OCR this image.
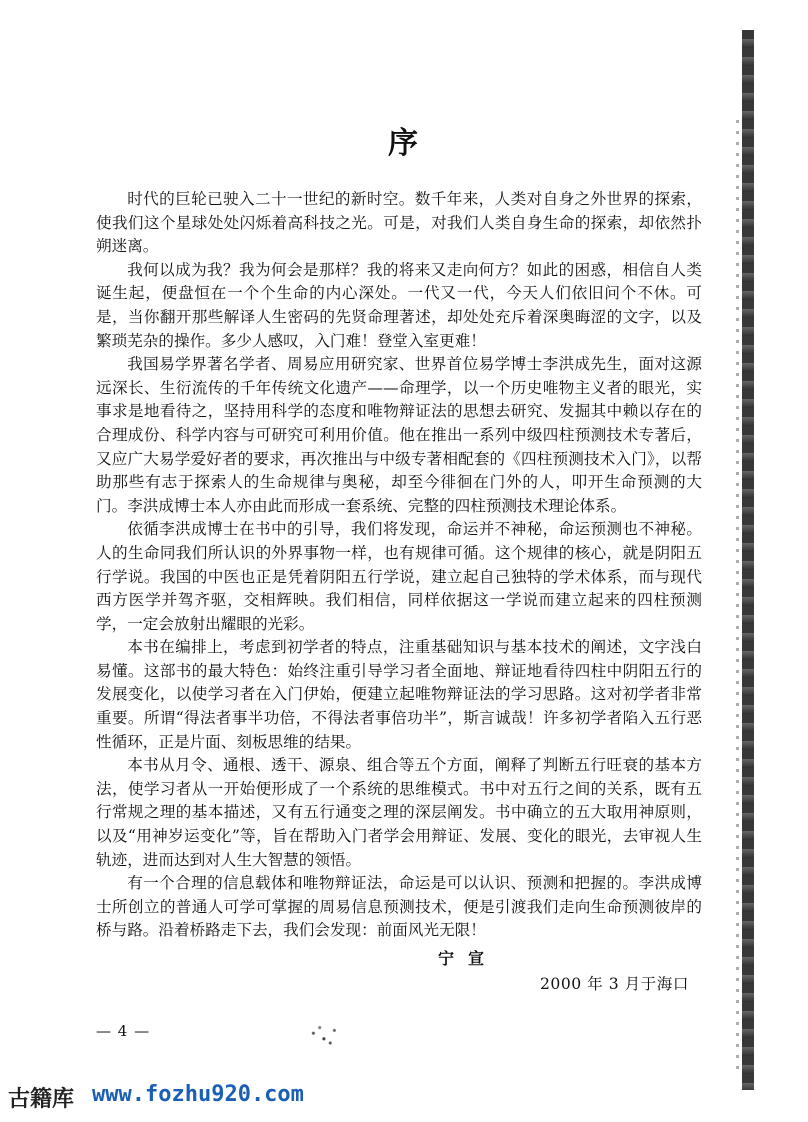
序

时代的巨轮已驶入二十一世纪的新时空。数千年来，人类对自身之外世界的探索，使我们这个星球处处闪烁着高科技之光。可是，对我们人类自身生命的探索，却依然扑朔迷离。

我何以成为我？我为何会是那样？我的将来又走向何方？如此的困惑，相信自人类诞生起，便盘恒在一个个生命的内心深处。一代又一代，今天人们依旧问个不休。可是，当你翻开那些解译人生密码的先贤命理著述，却处处充斥着深奥晦涩的文字，以及繁琐芜杂的操作。多少人感叹，入门难！登堂入室更难！

我国易学界著名学者、周易应用研究家、世界首位易学博士李洪成先生，面对这源远深长、生衍流传的千年传统文化遗产——命理学，以一个历史唯物主义者的眼光，实事求是地看待之，坚持用科学的态度和唯物辩证法的思想去研究、发掘其中赖以存在的合理成份、科学内容与可研究可利用价值。他在推出一系列中级四柱预测技术专著后，又应广大易学爱好者的要求，再次推出与中级专著相配套的《四柱预测技术入门》，以帮助那些有志于探索人的生命规律与奥秘，却至今徘徊在门外的人，叩开生命预测的大门。李洪成博士本人亦由此而形成一套系统、完整的四柱预测技术理论体系。

依循李洪成博士在书中的引导，我们将发现，命运并不神秘，命运预测也不神秘。人的生命同我们所认识的外界事物一样，也有规律可循。这个规律的核心，就是阴阳五行学说。我国的中医也正是凭着阴阳五行学说，建立起自己独特的学术体系，而与现代西方医学并驾齐驱，交相辉映。我们相信，同样依据这一学说而建立起来的四柱预测学，一定会放射出耀眼的光彩。

本书在编排上，考虑到初学者的特点，注重基础知识与基本技术的阐述，文字浅白易懂。这部书的最大特色：始终注重引导学习者全面地、辩证地看待四柱中阴阳五行的发展变化，以使学习者在入门伊始，便建立起唯物辩证法的学习思路。这对初学者非常重要。所谓“得法者事半功倍，不得法者事倍功半”，斯言诚哉！许多初学者陷入五行恶性循环，正是片面、刻板思维的结果。

本书从月令、通根、透干、源泉、组合等五个方面，阐释了判断五行旺衰的基本方法，使学习者从一开始便形成了一个系统的思维模式。书中对五行之间的关系，既有五行常规之理的基本描述，又有五行通变之理的深层阐发。书中确立的五大取用神原则，以及“用神岁运变化”等，旨在帮助入门者学会用辩证、发展、变化的眼光，去审视人生轨迹，进而达到对人生大智慧的领悟。

有一个合理的信息载体和唯物辩证法，命运是可以认识、预测和把握的。李洪成博士所创立的普通人可学可掌握的周易信息预测技术，便是引渡我们走向生命预测彼岸的桥与路。沿着桥路走下去，我们会发现：前面风光无限！

宁宣
2000 年 3 月于海口
— 4 —
古籍库 www.fozhu920.com
